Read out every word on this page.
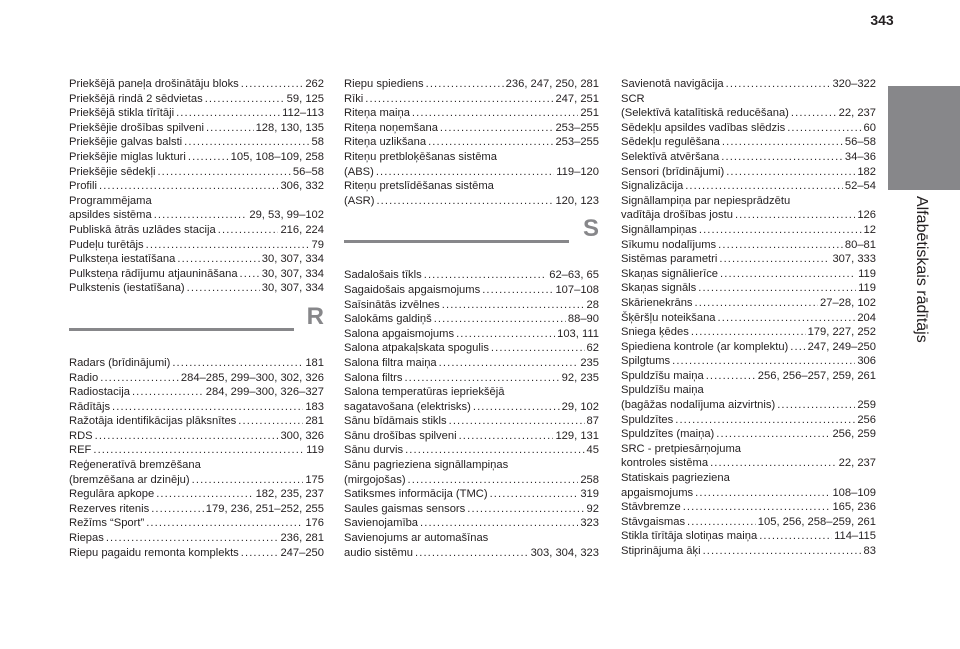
343
Alfabētiskais rādītājs
Priekšējā paneļa drošinātāju bloks . . .	262
Priekšējā rindā 2 sēdvietas . . .	59, 125
Priekšējā stikla tīrītāji . . .	112–113
Priekšējie drošības spilveni . . .	128, 130, 135
Priekšējie galvas balsti . . .	58
Priekšējie miglas lukturi . . .	105, 108–109, 258
Priekšējie sēdekļi . . .	56–58
Profili . . .	306, 332
Programmējama
apsildes sistēma . . .	29, 53, 99–102
Publiskā ātrās uzlādes stacija . . .	216, 224
Pudeļu turētājs . . .	79
Pulksteņa iestatīšana . . .	30, 307, 334
Pulksteņa rādījumu atjaunināšana . . . 30, 307, 334
Pulkstenis (iestatīšana) . . .	30, 307, 334
R
Radars (brīdinājumi) . . .	181
Radio . . .	284–285, 299–300, 302, 326
Radiostacija . . .	284, 299–300, 326–327
Rādītājs . . .	183
Ražotāja identifikācijas plāksnītes . . .	281
RDS . . .	300, 326
REF . . .	119
Reģeneratīvā bremzēšana
(bremzēšana ar dzinēju) . . .	175
Regulāra apkope . . .	182, 235, 237
Rezerves ritenis . . .	179, 236, 251–252, 255
Režīms “Sport” . . .	176
Riepas . . .	236, 281
Riepu pagaidu remonta komplekts . . .	247–250
Riepu spiediens . . .	236, 247, 250, 281
Rīki . . .	247, 251
Riteņa maiņa . . .	251
Riteņa noņemšana . . .	253–255
Riteņa uzlikšana . . .	253–255
Riteņu pretbloķēšanas sistēma
(ABS) . . .	119–120
Riteņu pretslīdēšanas sistēma
(ASR) . . .	120, 123
S
Sadalošais tīkls . . .	62–63, 65
Sagaidošais apgaismojums . . .	107–108
Saīsinātās izvēlnes . . .	28
Salokāms galdiņš . . .	88–90
Salona apgaismojums . . .	103, 111
Salona atpakaļskata spogulis . . .	62
Salona filtra maiņa . . .	235
Salona filtrs . . .	92, 235
Salona temperatūras iepriekšējā
sagatavošana (elektrisks) . . .	29, 102
Sānu bīdāmais stikls . . .	87
Sānu drošības spilveni . . .	129, 131
Sānu durvis . . .	45
Sānu pagrieziena signāllampiņas
(mirgojošas) . . .	258
Satiksmes informācija (TMC) . . .	319
Saules gaismas sensors . . .	92
Savienojamība . . .	323
Savienojums ar automašīnas
audio sistēmu . . .	303, 304, 323
Savienotā navigācija . . .	320–322
SCR
(Selektīvā katalītiskā reducēšana) . . .	22, 237
Sēdekļu apsildes vadības slēdzis . . .	60
Sēdekļu regulēšana . . .	56–58
Selektīvā atvēršana . . .	34–36
Sensori (brīdinājumi) . . .	182
Signalizācija . . .	52–54
Signāllampiņa par nepiesprādzētu
vadītāja drošības jostu . . .	126
Signāllampiņas . . .	12
Sīkumu nodalījums . . .	80–81
Sistēmas parametri . . .	307, 333
Skaņas signālierīce . . .	119
Skaņas signāls . . .	119
Skārienekrāns . . .	27–28, 102
Šķēršļu noteikšana . . .	204
Sniega ķēdes . . .	179, 227, 252
Spiediena kontrole (ar komplektu) . . . 247, 249–250
Spilgtums . . .	306
Spuldzīšu maiņa . . .	256, 256–257, 259, 261
Spuldzīšu maiņa
(bagāžas nodalījuma aizvirtnis) . . .	259
Spuldzītes . . .	256
Spuldzītes (maiņa) . . .	256, 259
SRC - pretpiesārņojuma
kontroles sistēma . . .	22, 237
Statiskais pagrieziena
apgaismojums . . .	108–109
Stāvbremze . . .	165, 236
Stāvgaismas . . .	105, 256, 258–259, 261
Stikla tīrītāja slotiņas maiņa . . .	114–115
Stiprinājuma āķi . . .	83
